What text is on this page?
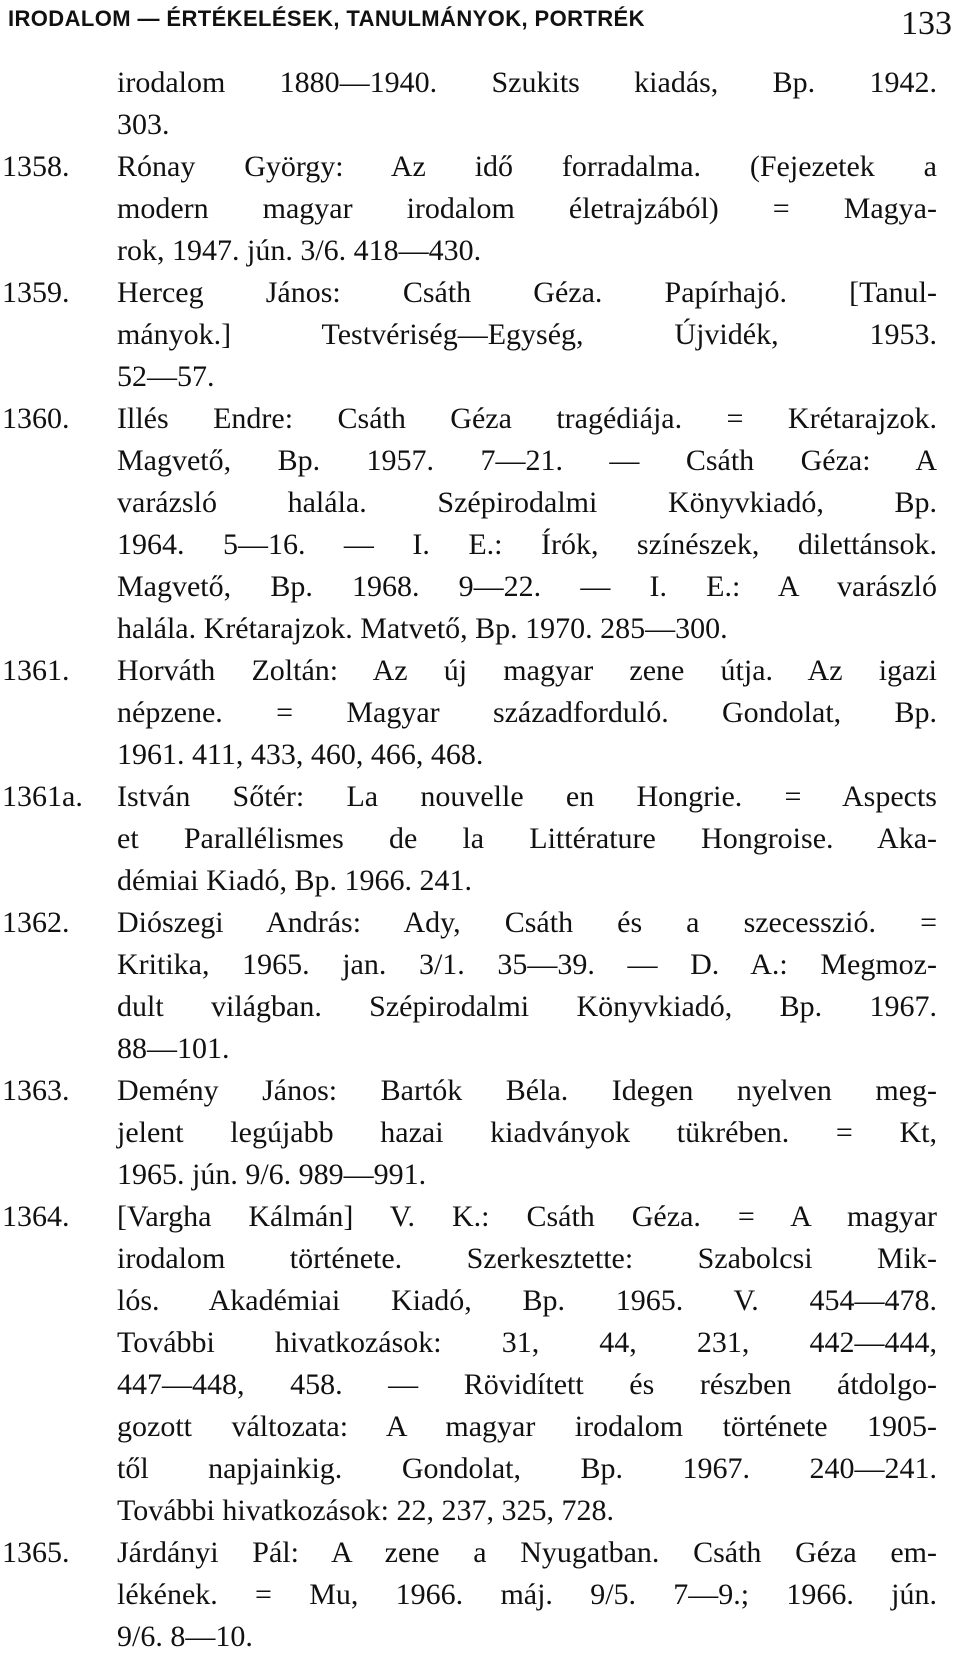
IRODALOM — ÉRTÉKELÉSEK, TANULMÁNYOK, PORTRÉK	133
irodalom 1880—1940. Szukits kiadás, Bp. 1942.
303.
1358. Rónay György: Az idő forradalma. (Fejezetek a
modern magyar irodalom életrajzából) = Magya-
rok, 1947. jún. 3/6. 418—430.
1359. Herceg János: Csáth Géza. Papírhajó. [Tanul-
mányok.] Testvériség—Egység, Újvidék, 1953.
52—57.
1360. Illés Endre: Csáth Géza tragédiája. = Krétarajzok.
Magvető, Bp. 1957. 7—21. — Csáth Géza: A
varázsló halála. Szépirodalmi Könyvkiadó, Bp.
1964. 5—16. — I. E.: Írók, színészek, dilettánsok.
Magvető, Bp. 1968. 9—22. — I. E.: A varászló
halála. Krétarajzok. Matvető, Bp. 1970. 285—300.
1361. Horváth Zoltán: Az új magyar zene útja. Az igazi
népzene. = Magyar századforduló. Gondolat, Bp.
1961. 411, 433, 460, 466, 468.
1361a. István Sőtér: La nouvelle en Hongrie. = Aspects
et Parallélismes de la Littérature Hongroise. Aka-
démiai Kiadó, Bp. 1966. 241.
1362. Diószegi András: Ady, Csáth és a szecesszió. =
Kritika, 1965. jan. 3/1. 35—39. — D. A.: Megmoz-
dult világban. Szépirodalmi Könyvkiadó, Bp. 1967.
88—101.
1363. Demény János: Bartók Béla. Idegen nyelven meg-
jelent legújabb hazai kiadványok tükrében. = Kt,
1965. jún. 9/6. 989—991.
1364. [Vargha Kálmán] V. K.: Csáth Géza. = A magyar
irodalom története. Szerkesztette: Szabolcsi Mik-
lós. Akadémiai Kiadó, Bp. 1965. V. 454—478.
További hivatkozások: 31, 44, 231, 442—444,
447—448, 458. — Rövidített és részben átdolgo-
gozott változata: A magyar irodalom története 1905-
től napjainkig. Gondolat, Bp. 1967. 240—241.
További hivatkozások: 22, 237, 325, 728.
1365. Járdányi Pál: A zene a Nyugatban. Csáth Géza em-
lékének. = Mu, 1966. máj. 9/5. 7—9.; 1966. jún.
9/6. 8—10.
